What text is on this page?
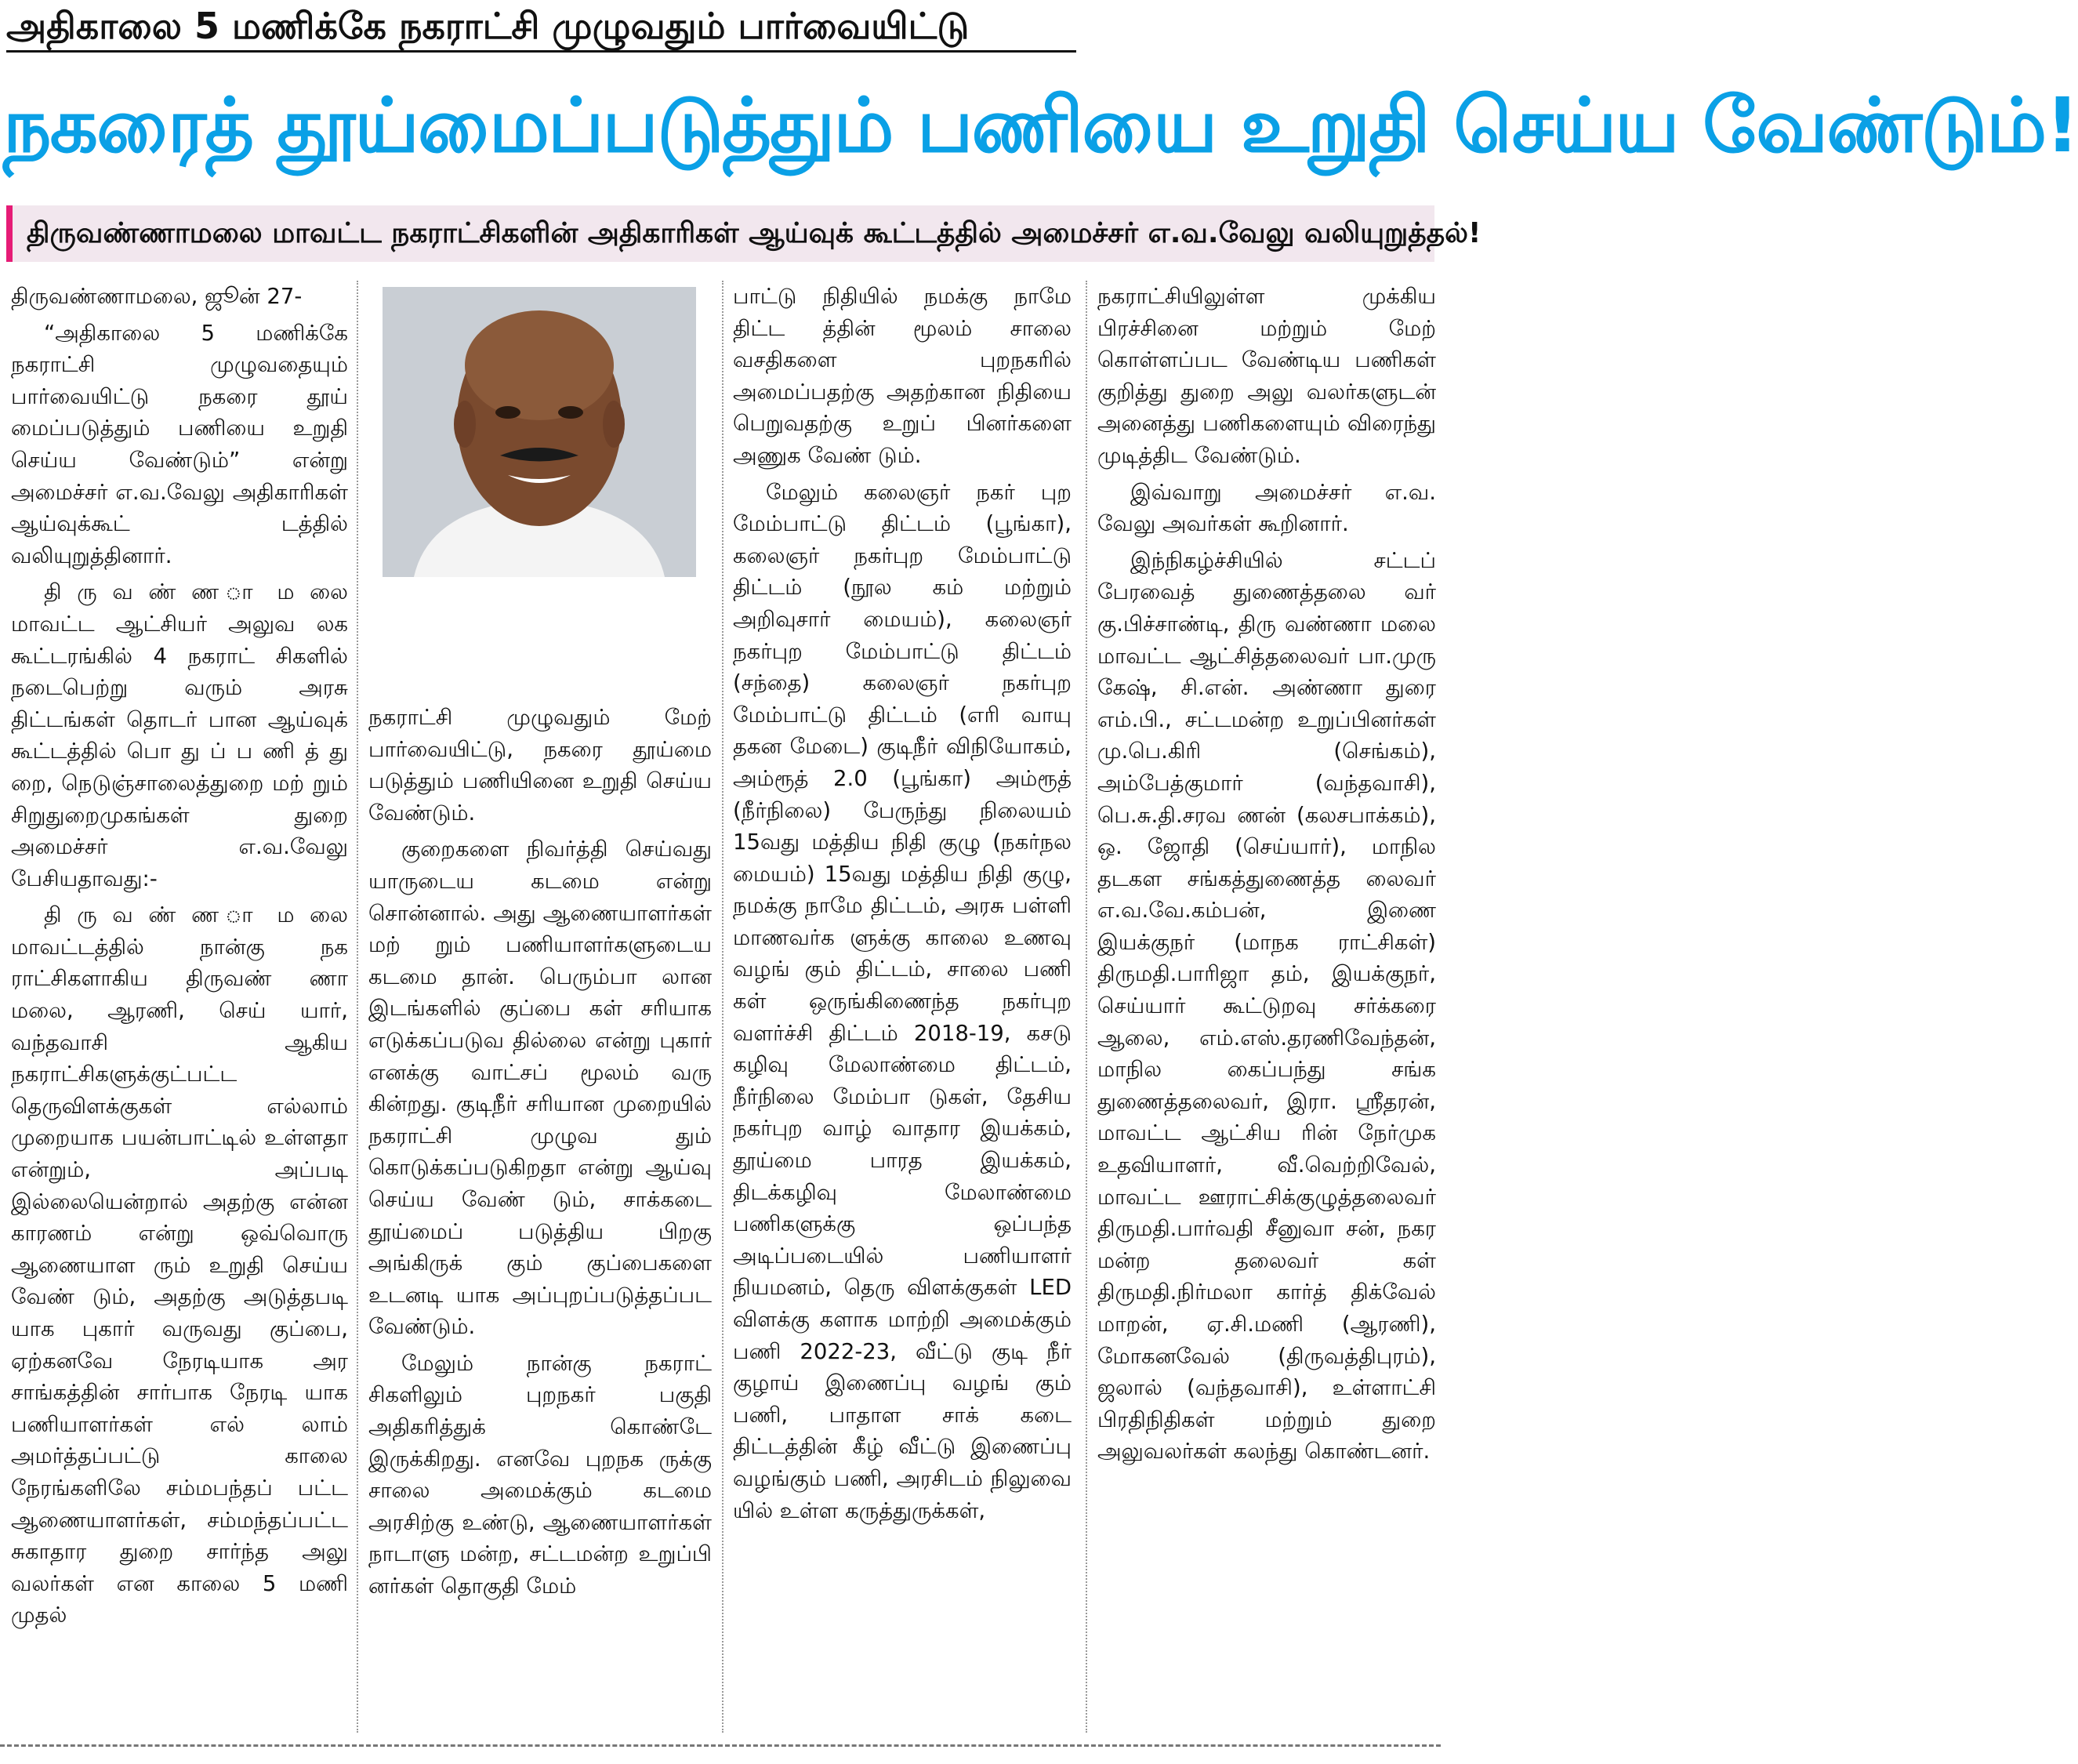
அதிகாலை 5 மணிக்கே நகராட்சி முழுவதும் பார்வையிட்டு
நகரைத் தூய்மைப்படுத்தும் பணியை உறுதி செய்ய வேண்டும்!
திருவண்ணாமலை மாவட்ட நகராட்சிகளின் அதிகாரிகள் ஆய்வுக் கூட்டத்தில் அமைச்சர் எ.வ.வேலு வலியுறுத்தல்!

திருவண்ணாமலை, ஜூன் 27-

“அதிகாலை 5 மணிக்கே நகராட்சி முழுவதையும் பார்வையிட்டு நகரை தூய் மைப்படுத்தும் பணியை உறுதி செய்ய வேண்டும்” என்று அமைச்சர் எ.வ.வேலு அதிகாரிகள் ஆய்வுக்கூட் டத்தில் வலியுறுத்தினார்.

தி ரு வ ண் ண ா ம லை மாவட்ட ஆட்சியர் அலுவ லக கூட்டரங்கில் 4 நகராட் சிகளில் நடைபெற்று வரும் அரசு திட்டங்கள் தொடர் பான ஆய்வுக் கூட்டத்தில் பொ து ப் ப ணி த் து றை, நெடுஞ்சாலைத்துறை மற் றும் சிறுதுறைமுகங்கள் துறை அமைச்சர் எ.வ.வேலு பேசியதாவது:-

தி ரு வ ண் ண ா ம லை மாவட்டத்தில் நான்கு நக ராட்சிகளாகிய திருவண் ணா மலை, ஆரணி, செய் யார், வந்தவாசி ஆகிய நகராட்சிகளுக்குட்பட்ட தெருவிளக்குகள் எல்லாம் முறையாக பயன்பாட்டில் உள்ளதா என்றும், அப்படி இல்லையென்றால் அதற்கு என்ன காரணம் என்று ஒவ்வொரு ஆணையாள ரும் உறுதி செய்ய வேண் டும், அதற்கு அடுத்தபடி யாக புகார் வருவது குப்பை, ஏற்கனவே நேரடியாக அர சாங்கத்தின் சார்பாக நேரடி யாக பணியாளர்கள் எல் லாம் அமர்த்தப்பட்டு காலை நேரங்களிலே சம்மபந்தப் பட்ட ஆணையாளர்கள், சம்மந்தப்பட்ட சுகாதார துறை சார்ந்த அலு வலர்கள் என காலை 5 மணி முதல்

நகராட்சி முழுவதும் மேற் பார்வையிட்டு, நகரை தூய்மை படுத்தும் பணியினை உறுதி செய்ய வேண்டும்.

குறைகளை நிவர்த்தி செய்வது யாருடைய கடமை என்று சொன்னால். அது ஆணையாளர்கள் மற் றும் பணியாளர்களுடைய கடமை தான். பெரும்பா லான இடங்களில் குப்பை கள் சரியாக எடுக்கப்படுவ தில்லை என்று புகார் எனக்கு வாட்சப் மூலம் வரு கின்றது. குடிநீர் சரியான முறையில் நகராட்சி முழுவ தும் கொடுக்கப்படுகிறதா என்று ஆய்வு செய்ய வேண் டும், சாக்கடை தூய்மைப் படுத்திய பிறகு அங்கிருக் கும் குப்பைகளை உடனடி யாக அப்புறப்படுத்தப்பட வேண்டும்.

மேலும் நான்கு நகராட் சிகளிலும் புறநகர் பகுதி அதிகரித்துக் கொண்டே இருக்கிறது. எனவே புறநக ருக்கு சாலை அமைக்கும் கடமை அரசிற்கு உண்டு, ஆணையாளர்கள் நாடாளு மன்ற, சட்டமன்ற உறுப்பி னர்கள் தொகுதி மேம்

பாட்டு நிதியில் நமக்கு நாமே திட்ட த்தின் மூலம் சாலை வசதிகளை புறநகரில் அமைப்பதற்கு அதற்கான நிதியை பெறுவதற்கு உறுப் பினர்களை அணுக வேண் டும்.

மேலும் கலைஞர் நகர் புற மேம்பாட்டு திட்டம் (பூங்கா), கலைஞர் நகர்புற மேம்பாட்டு திட்டம் (நூல கம் மற்றும் அறிவுசார் மையம்), கலைஞர் நகர்புற மேம்பாட்டு திட்டம் (சந்தை) கலைஞர் நகர்புற மேம்பாட்டு திட்டம் (எரி வாயு தகன மேடை) குடிநீர் விநியோகம், அம்ரூத் 2.0 (பூங்கா) அம்ரூத் (நீர்நிலை) பேருந்து நிலையம் 15வது மத்திய நிதி குழு (நகர்நல மையம்) 15வது மத்திய நிதி குழு, நமக்கு நாமே திட்டம், அரசு பள்ளி மாணவர்க ளுக்கு காலை உணவு வழங் கும் திட்டம், சாலை பணி கள் ஒருங்கிணைந்த நகர்புற வளர்ச்சி திட்டம் 2018-19, கசடு கழிவு மேலாண்மை திட்டம், நீர்நிலை மேம்பா டுகள், தேசிய நகர்புற வாழ் வாதார இயக்கம், தூய்மை பாரத இயக்கம், திடக்கழிவு மேலாண்மை பணிகளுக்கு ஒப்பந்த அடிப்படையில் பணியாளர் நியமனம், தெரு விளக்குகள் LED விளக்கு களாக மாற்றி அமைக்கும் பணி 2022-23, வீட்டு குடி நீர் குழாய் இணைப்பு வழங் கும் பணி, பாதாள சாக் கடை திட்டத்தின் கீழ் வீட்டு இணைப்பு வழங்கும் பணி, அரசிடம் நிலுவை யில் உள்ள கருத்துருக்கள்,

நகராட்சியிலுள்ள முக்கிய பிரச்சினை மற்றும் மேற் கொள்ளப்பட வேண்டிய பணிகள் குறித்து துறை அலு வலர்களுடன் அனைத்து பணிகளையும் விரைந்து முடித்திட வேண்டும்.

இவ்வாறு அமைச்சர் எ.வ. வேலு அவர்கள் கூறினார்.

இந்நிகழ்ச்சியில் சட்டப் பேரவைத் துணைத்தலை வர் கு.பிச்சாண்டி, திரு வண்ணா மலை மாவட்ட ஆட்சித்தலைவர் பா.முரு கேஷ், சி.என். அண்ணா துரை எம்.பி., சட்டமன்ற உறுப்பினர்கள் மு.பெ.கிரி (செங்கம்), அம்பேத்குமார் (வந்தவாசி), பெ.சு.தி.சரவ ணன் (கலசபாக்கம்), ஒ. ஜோதி (செய்யார்), மாநில தடகள சங்கத்துணைத்த லைவர் எ.வ.வே.கம்பன், இணை இயக்குநர் (மாநக ராட்சிகள்) திருமதி.பாரிஜா தம், இயக்குநர், செய்யார் கூட்டுறவு சர்க்கரை ஆலை, எம்.எஸ்.தரணிவேந்தன், மாநில கைப்பந்து சங்க துணைத்தலைவர், இரா. ஸ்ரீதரன், மாவட்ட ஆட்சிய ரின் நேர்முக உதவியாளர், வீ.வெற்றிவேல், மாவட்ட ஊராட்சிக்குழுத்தலைவர் திருமதி.பார்வதி சீனுவா சன், நகர மன்ற தலைவர் கள் திருமதி.நிர்மலா கார்த் திக்வேல் மாறன், ஏ.சி.மணி (ஆரணி), மோகனவேல் (திருவத்திபுரம்), ஜலால் (வந்தவாசி), உள்ளாட்சி பிரதிநிதிகள் மற்றும் துறை அலுவலர்கள் கலந்து கொண்டனர்.
